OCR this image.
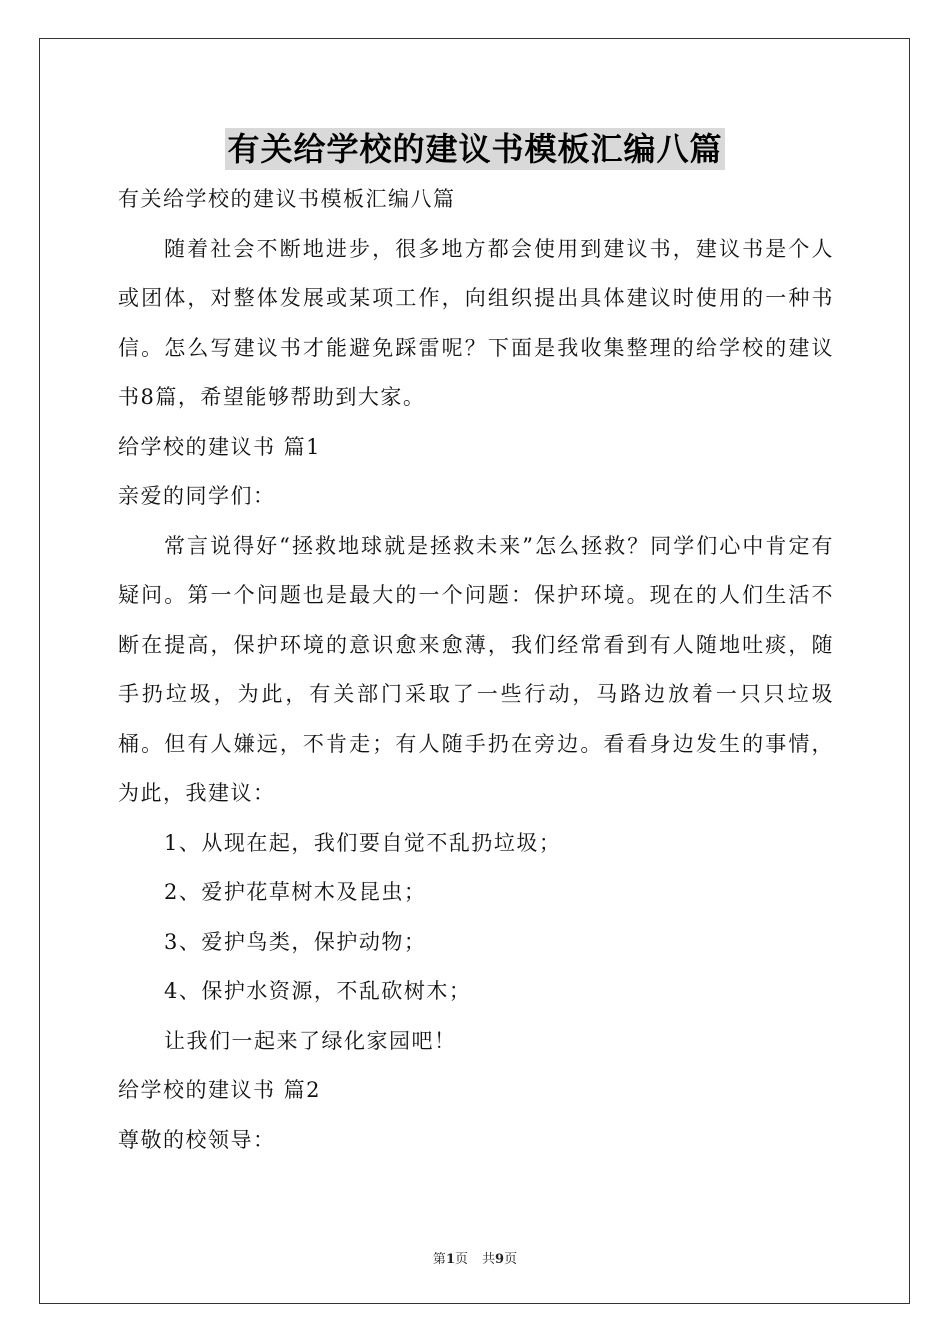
有关给学校的建议书模板汇编八篇

有关给学校的建议书模板汇编八篇

随着社会不断地进步，很多地方都会使用到建议书，建议书是个人或团体，对整体发展或某项工作，向组织提出具体建议时使用的一种书信。怎么写建议书才能避免踩雷呢？下面是我收集整理的给学校的建议书8篇，希望能够帮助到大家。

给学校的建议书 篇1

亲爱的同学们：

常言说得好“拯救地球就是拯救未来”怎么拯救？同学们心中肯定有疑问。第一个问题也是最大的一个问题：保护环境。现在的人们生活不断在提高，保护环境的意识愈来愈薄，我们经常看到有人随地吐痰，随手扔垃圾，为此，有关部门采取了一些行动，马路边放着一只只垃圾桶。但有人嫌远，不肯走；有人随手扔在旁边。看看身边发生的事情，为此，我建议：

1、从现在起，我们要自觉不乱扔垃圾；

2、爱护花草树木及昆虫；

3、爱护鸟类，保护动物；

4、保护水资源，不乱砍树木；

让我们一起来了绿化家园吧！

给学校的建议书 篇2

尊敬的校领导：

第1页 共9页
